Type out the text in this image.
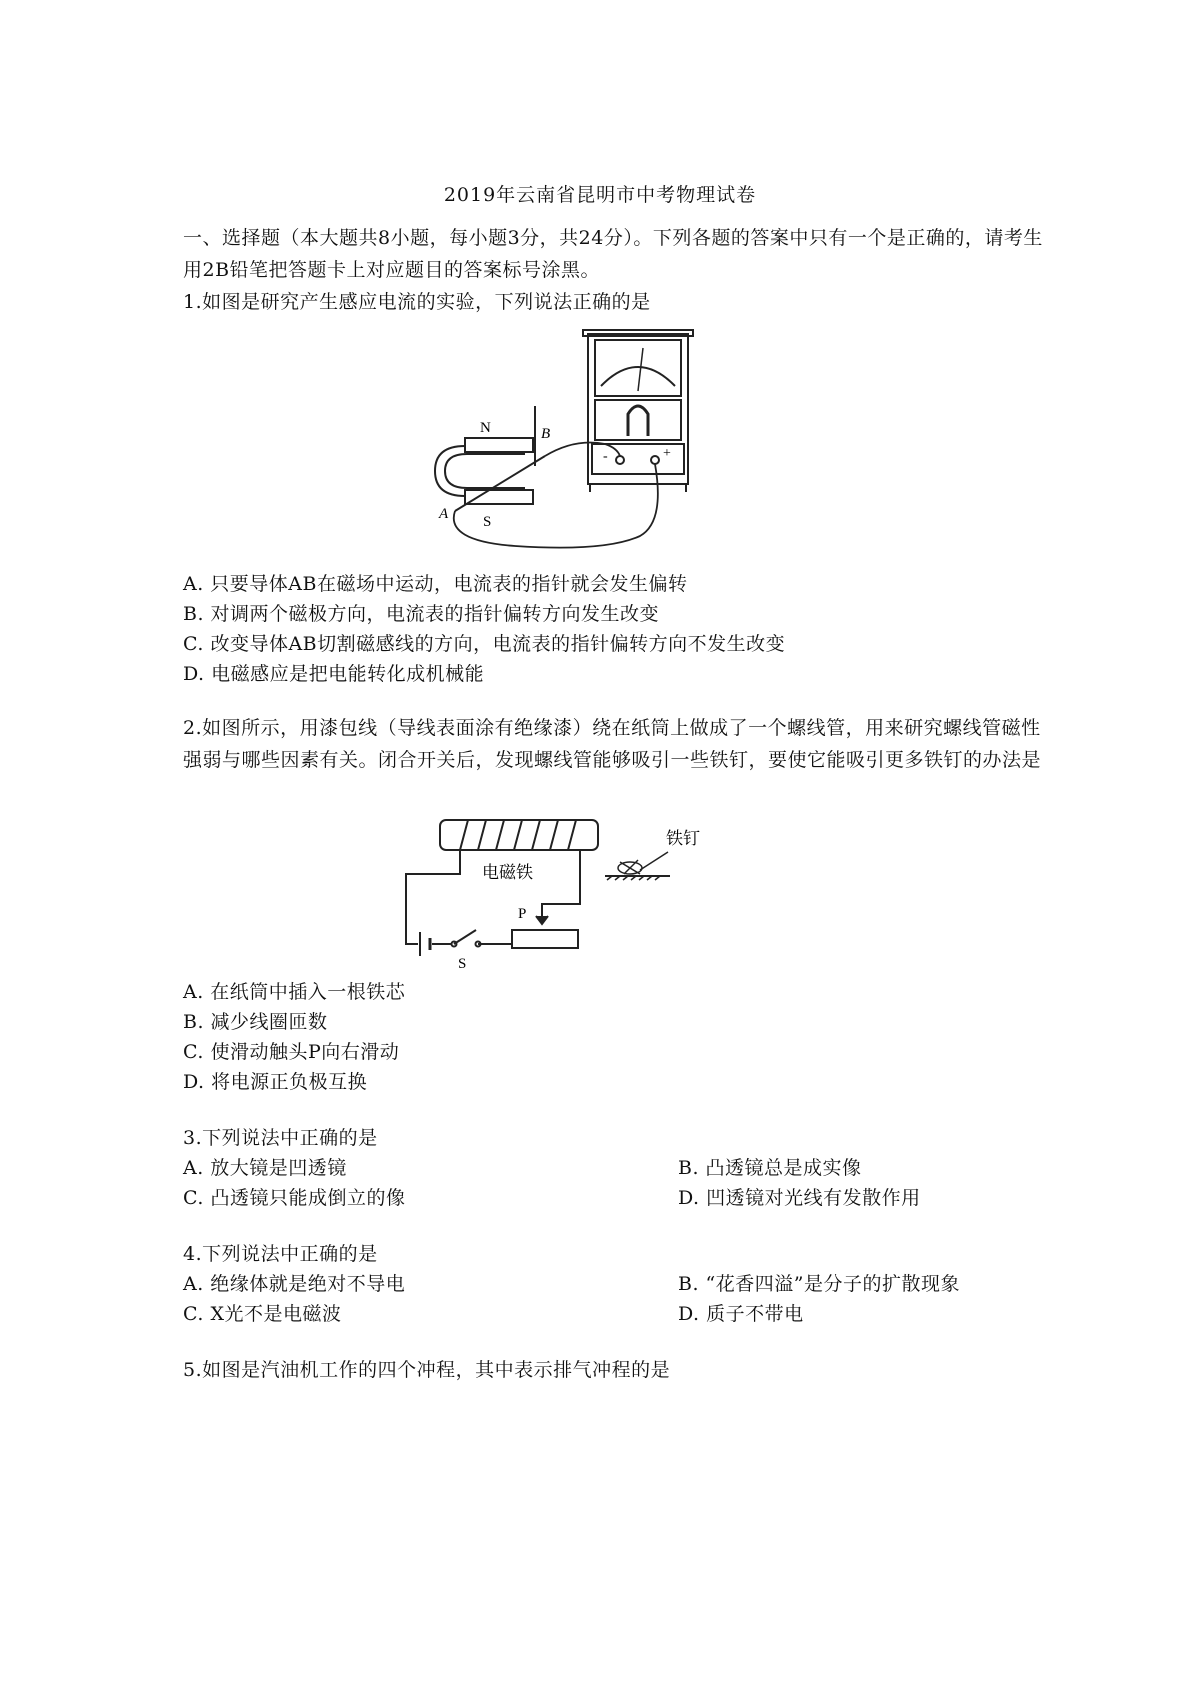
2019年云南省昆明市中考物理试卷
一、选择题（本大题共8小题，每小题3分，共24分）。下列各题的答案中只有一个是正确的，请考生用2B铅笔把答题卡上对应题目的答案标号涂黑。
1.如图是研究产生感应电流的实验，下列说法正确的是
-	+
N
S
A
B
A. 只要导体AB在磁场中运动，电流表的指针就会发生偏转
B. 对调两个磁极方向，电流表的指针偏转方向发生改变
C. 改变导体AB切割磁感线的方向，电流表的指针偏转方向不发生改变
D. 电磁感应是把电能转化成机械能
2.如图所示，用漆包线（导线表面涂有绝缘漆）绕在纸筒上做成了一个螺线管，用来研究螺线管磁性强弱与哪些因素有关。闭合开关后，发现螺线管能够吸引一些铁钉，要使它能吸引更多铁钉的办法是
电磁铁
S
P
铁钉
A. 在纸筒中插入一根铁芯
B. 减少线圈匝数
C. 使滑动触头P向右滑动
D. 将电源正负极互换
3.下列说法中正确的是
A. 放大镜是凹透镜	B. 凸透镜总是成实像
C. 凸透镜只能成倒立的像	D. 凹透镜对光线有发散作用
4.下列说法中正确的是
A. 绝缘体就是绝对不导电	B. “花香四溢”是分子的扩散现象
C. X光不是电磁波	D. 质子不带电
5.如图是汽油机工作的四个冲程，其中表示排气冲程的是
